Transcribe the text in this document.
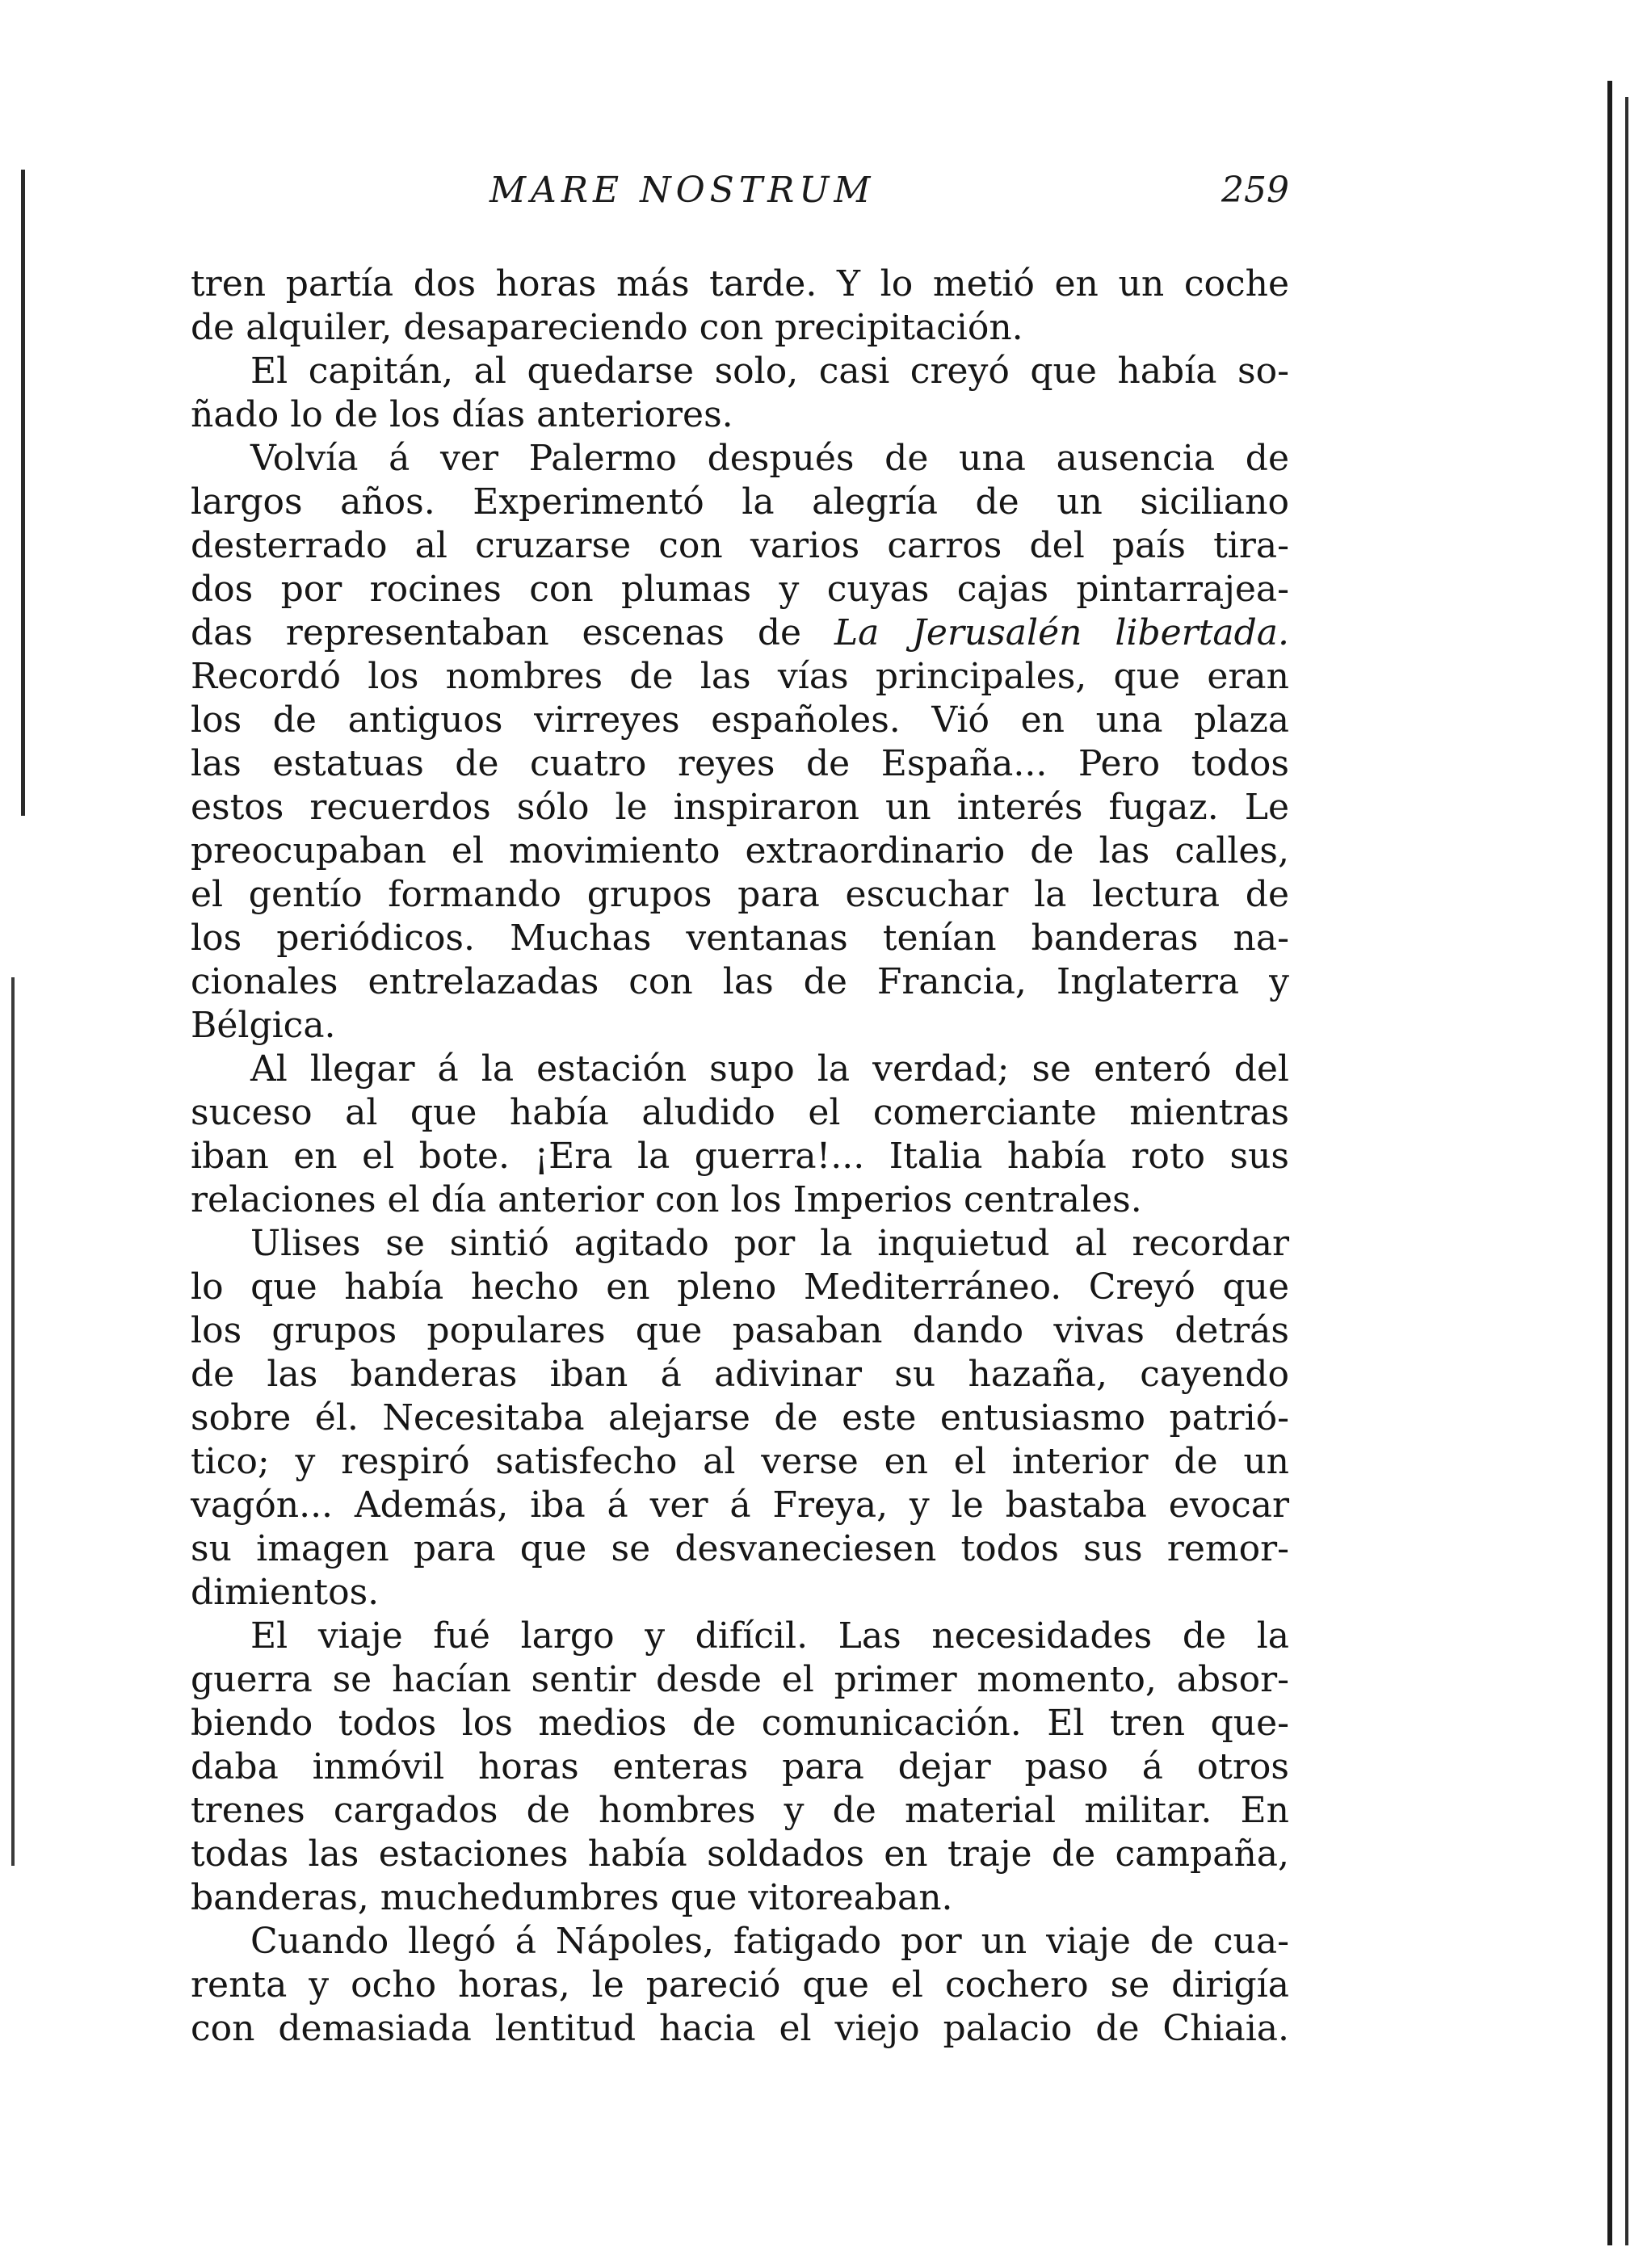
MARE NOSTRUM	259
tren partía dos horas más tarde. Y lo metió en un coche
de alquiler, desapareciendo con precipitación.
El capitán, al quedarse solo, casi creyó que había so-
ñado lo de los días anteriores.
Volvía á ver Palermo después de una ausencia de
largos años. Experimentó la alegría de un siciliano
desterrado al cruzarse con varios carros del país tira-
dos por rocines con plumas y cuyas cajas pintarrajea-
das representaban escenas de La Jerusalén libertada.
Recordó los nombres de las vías principales, que eran
los de antiguos virreyes españoles. Vió en una plaza
las estatuas de cuatro reyes de España... Pero todos
estos recuerdos sólo le inspiraron un interés fugaz. Le
preocupaban el movimiento extraordinario de las calles,
el gentío formando grupos para escuchar la lectura de
los periódicos. Muchas ventanas tenían banderas na-
cionales entrelazadas con las de Francia, Inglaterra y
Bélgica.
Al llegar á la estación supo la verdad; se enteró del
suceso al que había aludido el comerciante mientras
iban en el bote. ¡Era la guerra!... Italia había roto sus
relaciones el día anterior con los Imperios centrales.
Ulises se sintió agitado por la inquietud al recordar
lo que había hecho en pleno Mediterráneo. Creyó que
los grupos populares que pasaban dando vivas detrás
de las banderas iban á adivinar su hazaña, cayendo
sobre él. Necesitaba alejarse de este entusiasmo patrió-
tico; y respiró satisfecho al verse en el interior de un
vagón... Además, iba á ver á Freya, y le bastaba evocar
su imagen para que se desvaneciesen todos sus remor-
dimientos.
El viaje fué largo y difícil. Las necesidades de la
guerra se hacían sentir desde el primer momento, absor-
biendo todos los medios de comunicación. El tren que-
daba inmóvil horas enteras para dejar paso á otros
trenes cargados de hombres y de material militar. En
todas las estaciones había soldados en traje de campaña,
banderas, muchedumbres que vitoreaban.
Cuando llegó á Nápoles, fatigado por un viaje de cua-
renta y ocho horas, le pareció que el cochero se dirigía
con demasiada lentitud hacia el viejo palacio de Chiaia.
